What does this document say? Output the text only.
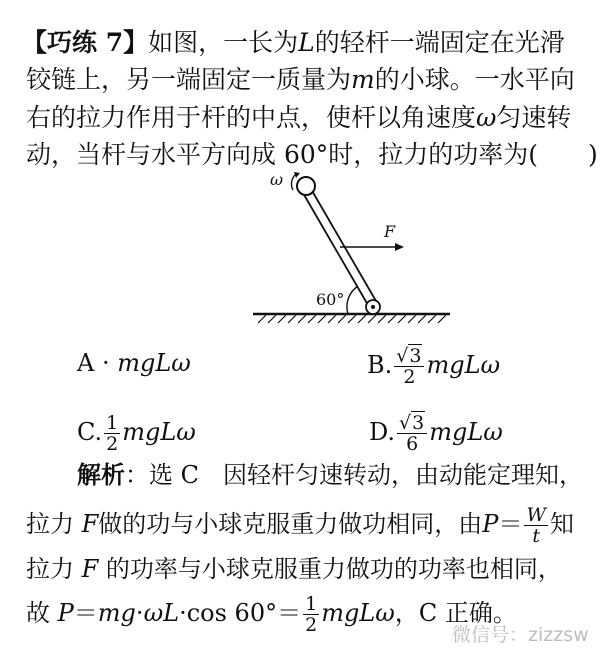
【巧练 7】如图，一长为L的轻杆一端固定在光滑
铰链上，另一端固定一质量为m的小球。一水平向
右的拉力作用于杆的中点，使杆以角速度ω匀速转
动，当杆与水平方向成 60°时，拉力的功率为(　　)
ω
F
60°
A · mgLω	B. $\frac{√3}{2}$ mgLω
C. $\frac{1}{2}$ mgLω	D. $\frac{√3}{6}$ mgLω
解析：选 C　因轻杆匀速转动，由动能定理知，
拉力 F做的功与小球克服重力做功相同，由$P= \frac{W}{t}$ 知
拉力 F 的功率与小球克服重力做功的功率也相同，
故 P＝mg·ωL·cos $60^\circ= \frac{1}{2}$ mgLω，C 正确。
微信号：zizzsw
